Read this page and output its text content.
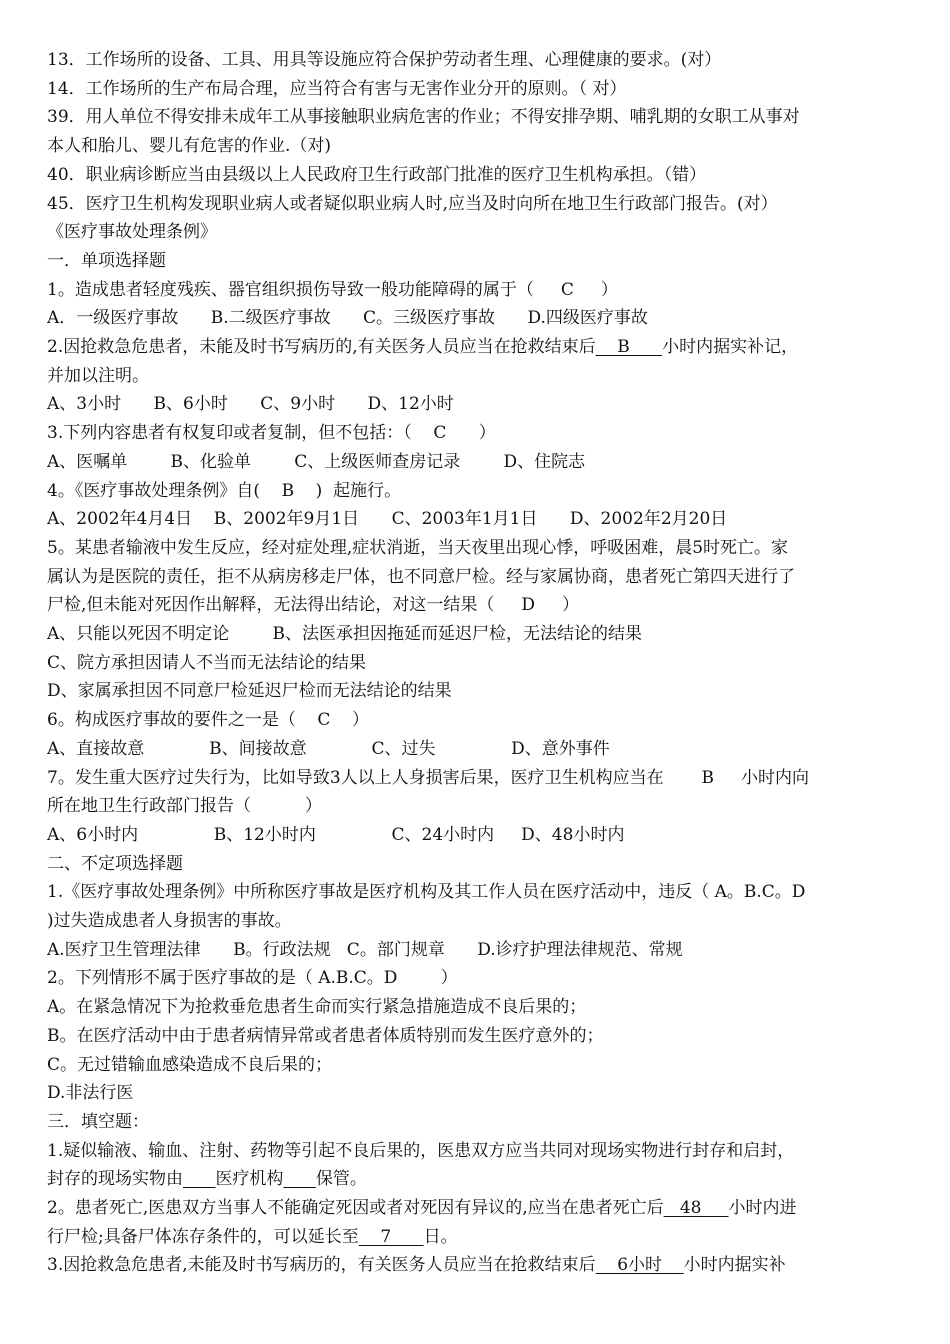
13．工作场所的设备、工具、用具等设施应符合保护劳动者生理、心理健康的要求。(对）
14．工作场所的生产布局合理，应当符合有害与无害作业分开的原则。（ 对）
39．用人单位不得安排未成年工从事接触职业病危害的作业；不得安排孕期、哺乳期的女职工从事对
本人和胎儿、婴儿有危害的作业.（对)
40．职业病诊断应当由县级以上人民政府卫生行政部门批准的医疗卫生机构承担。（错）
45．医疗卫生机构发现职业病人或者疑似职业病人时,应当及时向所在地卫生行政部门报告。(对）
《医疗事故处理条例》
一．单项选择题
1。造成患者轻度残疾、器官组织损伤导致一般功能障碍的属于（     C     ）
A．一级医疗事故      B.二级医疗事故      C。三级医疗事故      D.四级医疗事故
2.因抢救急危患者，未能及时书写病历的,有关医务人员应当在抢救结束后    B      小时内据实补记，
并加以注明。
A、3小时      B、6小时      C、9小时      D、12小时
3.下列内容患者有权复印或者复制，但不包括：（    C      ）
A、医嘱单        B、化验单        C、上级医师查房记录        D、住院志
4。《医疗事故处理条例》自(    B    )  起施行。
A、2002年4月4日    B、2002年9月1日      C、2003年1月1日      D、2002年2月20日
5。某患者输液中发生反应，经对症处理,症状消逝，当天夜里出现心悸，呼吸困难，晨5时死亡。家
属认为是医院的责任，拒不从病房移走尸体，也不同意尸检。经与家属协商，患者死亡第四天进行了
尸检,但未能对死因作出解释，无法得出结论，对这一结果（     D     ）
A、只能以死因不明定论        B、法医承担因拖延而延迟尸检，无法结论的结果
C、院方承担因请人不当而无法结论的结果
D、家属承担因不同意尸检延迟尸检而无法结论的结果
6。构成医疗事故的要件之一是（    C    ）
A、直接故意            B、间接故意            C、过失              D、意外事件
7。发生重大医疗过失行为，比如导致3人以上人身损害后果，医疗卫生机构应当在       B     小时内向
所在地卫生行政部门报告（          ）
A、6小时内              B、12小时内              C、24小时内     D、48小时内
二、不定项选择题
1.《医疗事故处理条例》中所称医疗事故是医疗机构及其工作人员在医疗活动中，违反（ A。B.C。D
)过失造成患者人身损害的事故。
A.医疗卫生管理法律      B。行政法规   C。部门规章      D.诊疗护理法律规范、常规
2。下列情形不属于医疗事故的是（ A.B.C。D        ）
A。在紧急情况下为抢救垂危患者生命而实行紧急措施造成不良后果的；
B。在医疗活动中由于患者病情异常或者患者体质特别而发生医疗意外的；
C。无过错输血感染造成不良后果的；
D.非法行医
三．填空题：
1.疑似输液、输血、注射、药物等引起不良后果的，医患双方应当共同对现场实物进行封存和启封，
封存的现场实物由 医疗机构 保管。
2。患者死亡,医患双方当事人不能确定死因或者对死因有异议的,应当在患者死亡后   48     小时内进
行尸检;具备尸体冻存条件的，可以延长至    7      日。
3.因抢救急危患者,未能及时书写病历的，有关医务人员应当在抢救结束后    6小时    小时内据实补
